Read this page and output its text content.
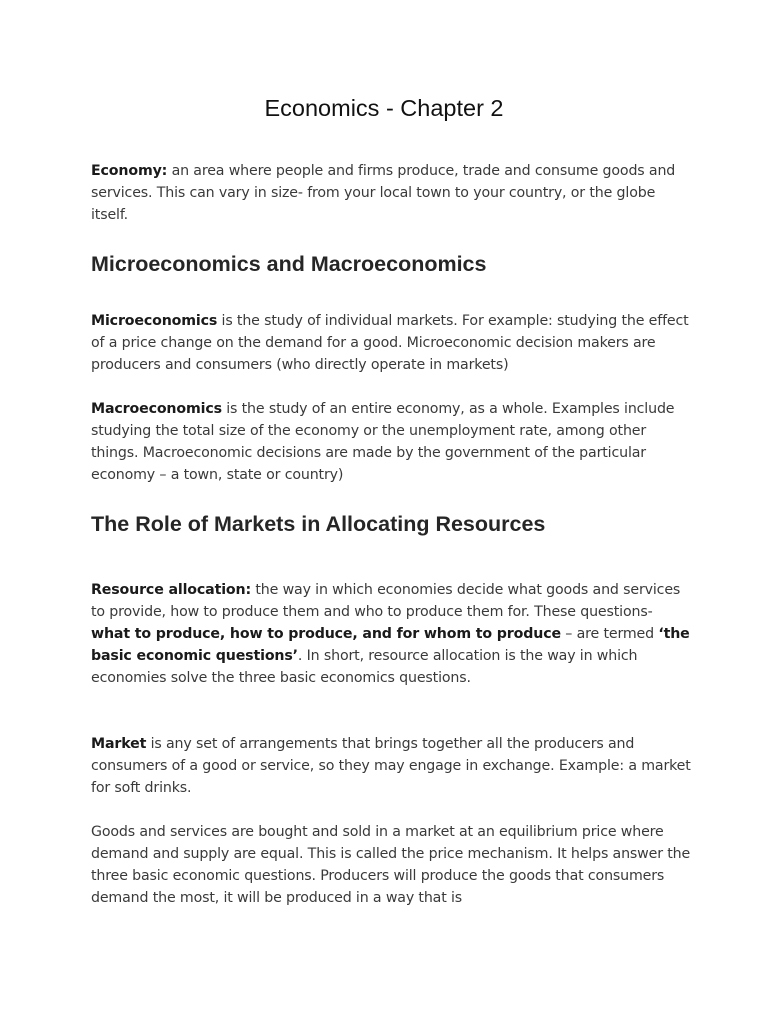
Economics - Chapter 2

Economy: an area where people and firms produce, trade and consume goods and services. This can vary in size- from your local town to your country, or the globe itself.

Microeconomics and Macroeconomics

Microeconomics is the study of individual markets. For example: studying the effect of a price change on the demand for a good. Microeconomic decision makers are producers and consumers (who directly operate in markets)

Macroeconomics is the study of an entire economy, as a whole. Examples include studying the total size of the economy or the unemployment rate, among other things. Macroeconomic decisions are made by the government of the particular economy – a town, state or country)

The Role of Markets in Allocating Resources

Resource allocation: the way in which economies decide what goods and services to provide, how to produce them and who to produce them for. These questions- what to produce, how to produce, and for whom to produce – are termed ‘the basic economic questions’. In short, resource allocation is the way in which economies solve the three basic economics questions.

Market is any set of arrangements that brings together all the producers and consumers of a good or service, so they may engage in exchange. Example: a market for soft drinks.

Goods and services are bought and sold in a market at an equilibrium price where demand and supply are equal. This is called the price mechanism. It helps answer the three basic economic questions. Producers will produce the goods that consumers demand the most, it will be produced in a way that is
